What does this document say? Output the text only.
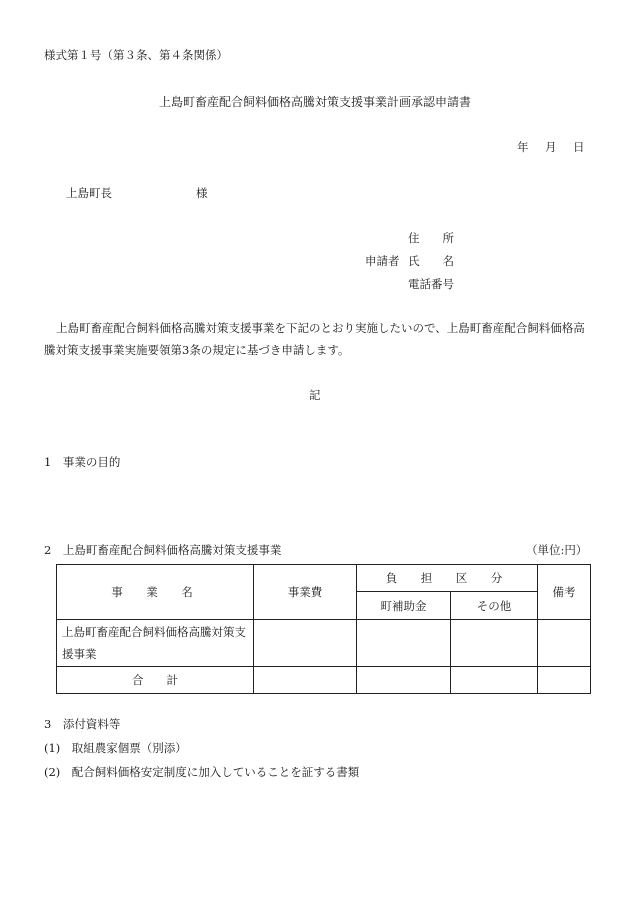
様式第１号（第３条、第４条関係）
上島町畜産配合飼料価格高騰対策支援事業計画承認申請書
年 月 日
上島町長	様
住　　所
申請者 氏　　名
電話番号
上島町畜産配合飼料価格高騰対策支援事業を下記のとおり実施したいので、上島町畜産配合飼料価格高騰対策支援事業実施要領第3条の規定に基づき申請します。
記
1　事業の目的
2　上島町畜産配合飼料価格高騰対策支援事業	（単位:円）
事　業　名	事業費	負　担　区　分		備考
		町補助金	その他	
上島町畜産配合飼料価格高騰対策支援事業				
合　　計				
3　添付資料等
(1)　取組農家個票（別添）
(2)　配合飼料価格安定制度に加入していることを証する書類
